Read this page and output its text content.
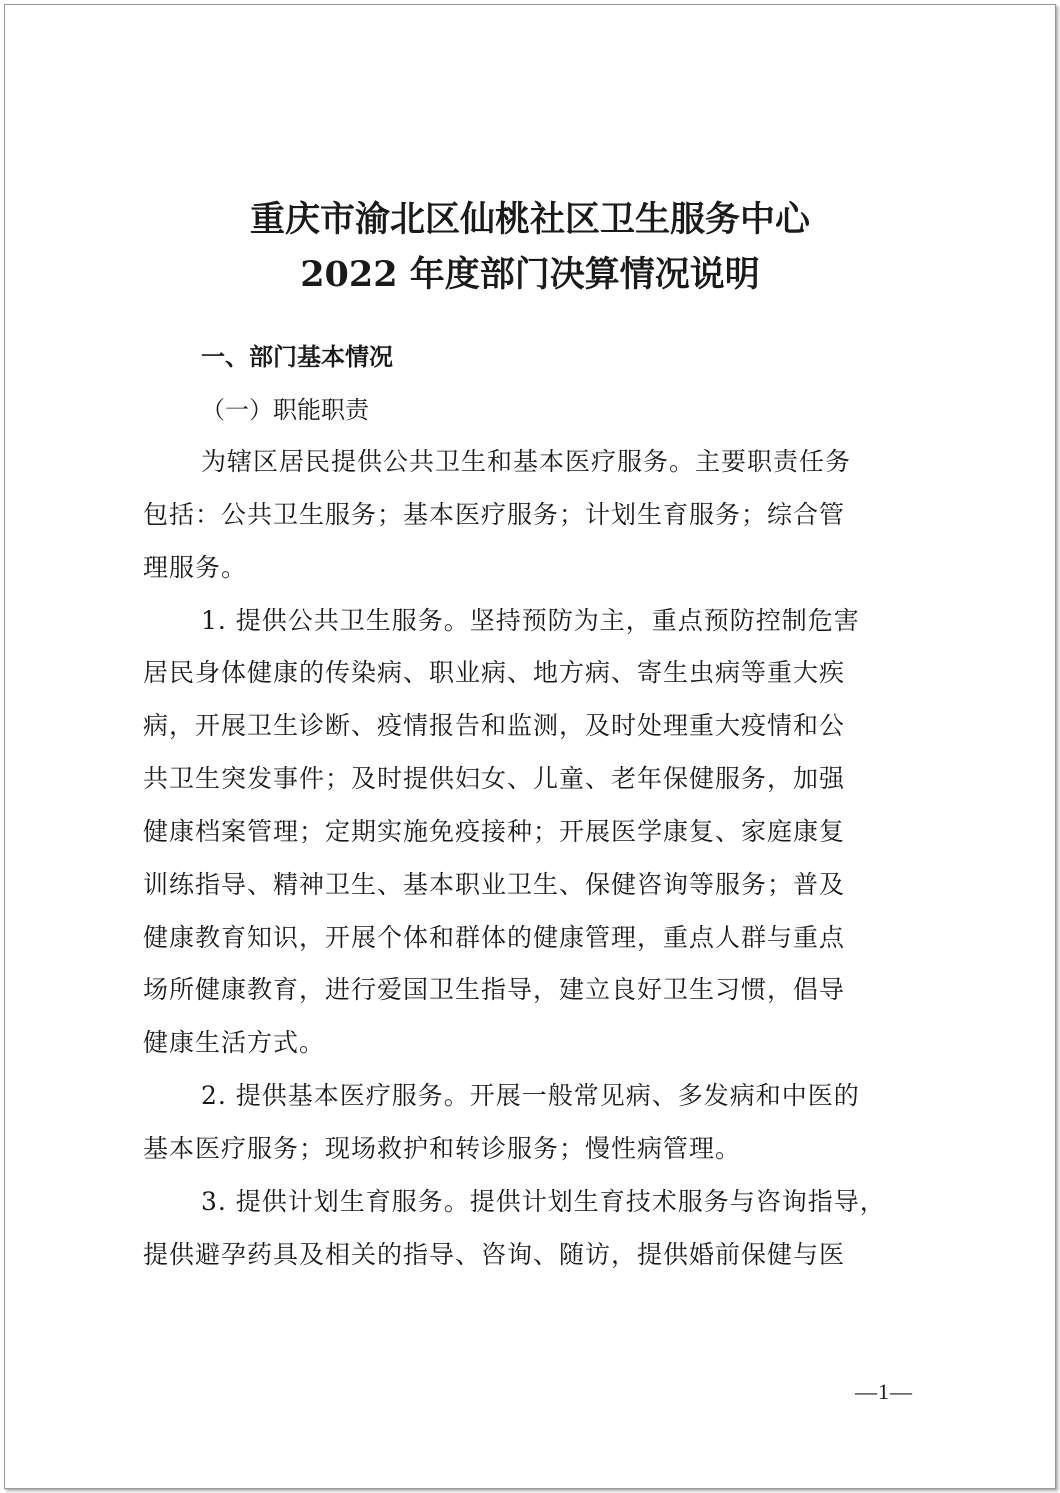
重庆市渝北区仙桃社区卫生服务中心
2022 年度部门决算情况说明
一、部门基本情况
（一）职能职责
为辖区居民提供公共卫生和基本医疗服务。主要职责任务
包括：公共卫生服务；基本医疗服务；计划生育服务；综合管
理服务。
1. 提供公共卫生服务。坚持预防为主，重点预防控制危害
居民身体健康的传染病、职业病、地方病、寄生虫病等重大疾
病，开展卫生诊断、疫情报告和监测，及时处理重大疫情和公
共卫生突发事件；及时提供妇女、儿童、老年保健服务，加强
健康档案管理；定期实施免疫接种；开展医学康复、家庭康复
训练指导、精神卫生、基本职业卫生、保健咨询等服务；普及
健康教育知识，开展个体和群体的健康管理，重点人群与重点
场所健康教育，进行爱国卫生指导，建立良好卫生习惯，倡导
健康生活方式。
2. 提供基本医疗服务。开展一般常见病、多发病和中医的
基本医疗服务；现场救护和转诊服务；慢性病管理。
3. 提供计划生育服务。提供计划生育技术服务与咨询指导，
提供避孕药具及相关的指导、咨询、随访，提供婚前保健与医
—1—
